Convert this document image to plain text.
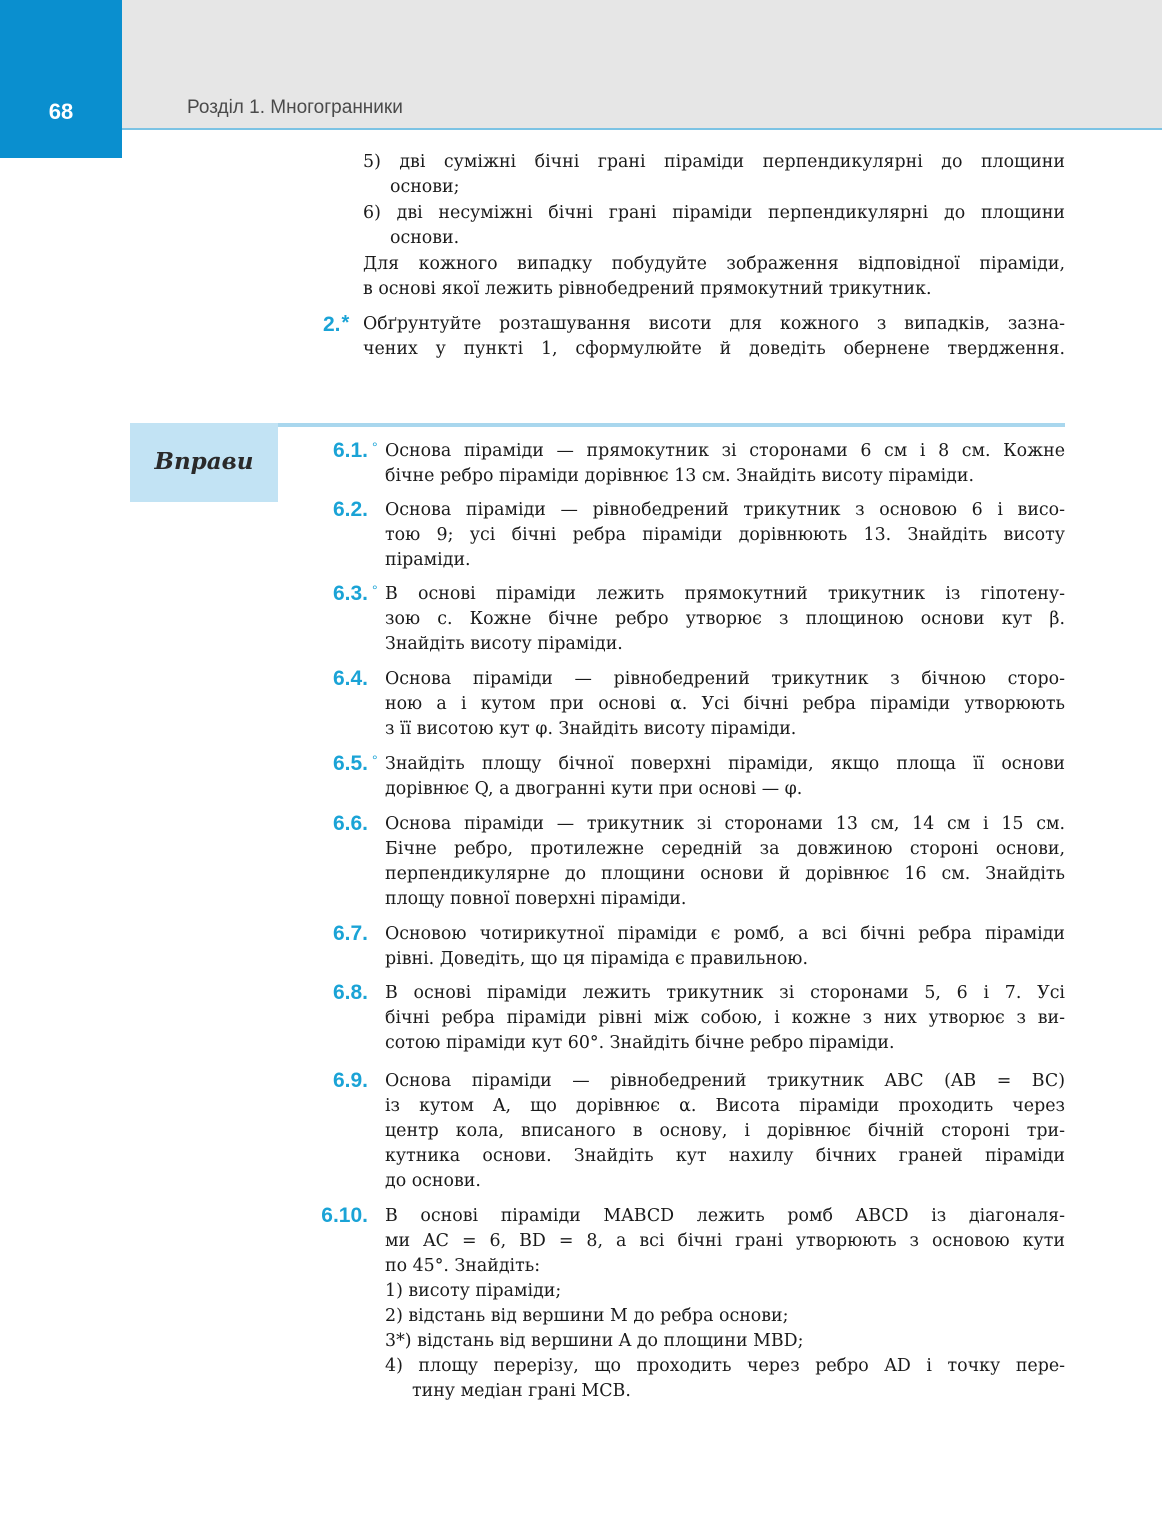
68	Розділ 1. Многогранники
5) дві суміжні бічні грані піраміди перпендикулярні до площини
основи;
6) дві несуміжні бічні грані піраміди перпендикулярні до площини
основи.
Для кожного випадку побудуйте зображення відповідної піраміди,
в основі якої лежить рівнобедрений прямокутний трикутник.
2.* Обґрунтуйте розташування висоти для кожного з випадків, зазна-
чених у пункті 1, сформулюйте й доведіть обернене твердження.
Вправи	6.1. ° Основа піраміди — прямокутник зі сторонами 6 см і 8 см. Кожне
бічне ребро піраміди дорівнює 13 см. Знайдіть висоту піраміди.
6.2. Основа піраміди — рівнобедрений трикутник з основою 6 і висо-
тою 9; усі бічні ребра піраміди дорівнюють 13. Знайдіть висоту
піраміди.
6.3. ° В основі піраміди лежить прямокутний трикутник із гіпотену-
зою c. Кожне бічне ребро утворює з площиною основи кут β.
Знайдіть висоту піраміди.
6.4. Основа піраміди — рівнобедрений трикутник з бічною сторо-
ною a і кутом при основі α. Усі бічні ребра піраміди утворюють
з її висотою кут φ. Знайдіть висоту піраміди.
6.5. ° Знайдіть площу бічної поверхні піраміди, якщо площа її основи
дорівнює Q, а двогранні кути при основі — φ.
6.6. Основа піраміди — трикутник зі сторонами 13 см, 14 см і 15 см.
Бічне ребро, протилежне середній за довжиною стороні основи,
перпендикулярне до площини основи й дорівнює 16 см. Знайдіть
площу повної поверхні піраміди.
6.7. Основою чотирикутної піраміди є ромб, а всі бічні ребра піраміди
рівні. Доведіть, що ця піраміда є правильною.
6.8. В основі піраміди лежить трикутник зі сторонами 5, 6 і 7. Усі
бічні ребра піраміди рівні між собою, і кожне з них утворює з ви-
сотою піраміди кут 60°. Знайдіть бічне ребро піраміди.
6.9. Основа піраміди — рівнобедрений трикутник ABC (AB = BC)
із кутом A, що дорівнює α. Висота піраміди проходить через
центр кола, вписаного в основу, і дорівнює бічній стороні три-
кутника основи. Знайдіть кут нахилу бічних граней піраміди
до основи.
6.10. В основі піраміди MABCD лежить ромб ABCD із діагоналя-
ми AC = 6, BD = 8, а всі бічні грані утворюють з основою кути
по 45°. Знайдіть:
1) висоту піраміди;
2) відстань від вершини M до ребра основи;
3*) відстань від вершини A до площини MBD;
4) площу перерізу, що проходить через ребро AD і точку пере-
тину медіан грані MCB.
